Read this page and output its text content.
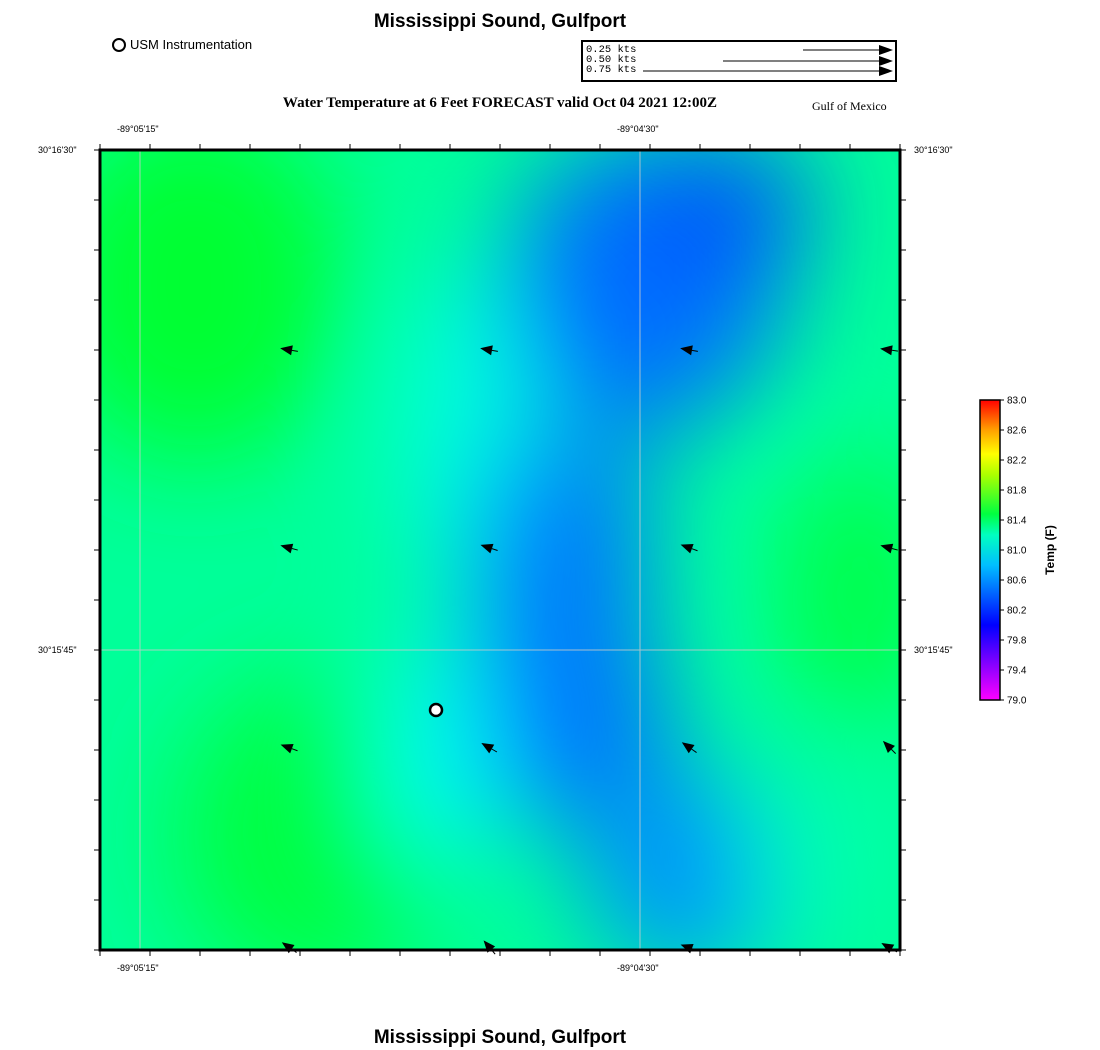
Mississippi Sound, Gulfport
USM Instrumentation	0.25 kts
0.50 kts
0.75 kts
Water Temperature at 6 Feet FORECAST valid Oct 04 2021 12:00Z	Gulf of Mexico
-89°05'15"	-89°04'30"
-89°05'15"	-89°04'30"
30°16'30"
30°15'45"
30°16'30"
30°15'45"
83.0
82.6
82.2
81.8
81.4
81.0
80.6
80.2
79.8
79.4
79.0
Temp (F)
Mississippi Sound, Gulfport
